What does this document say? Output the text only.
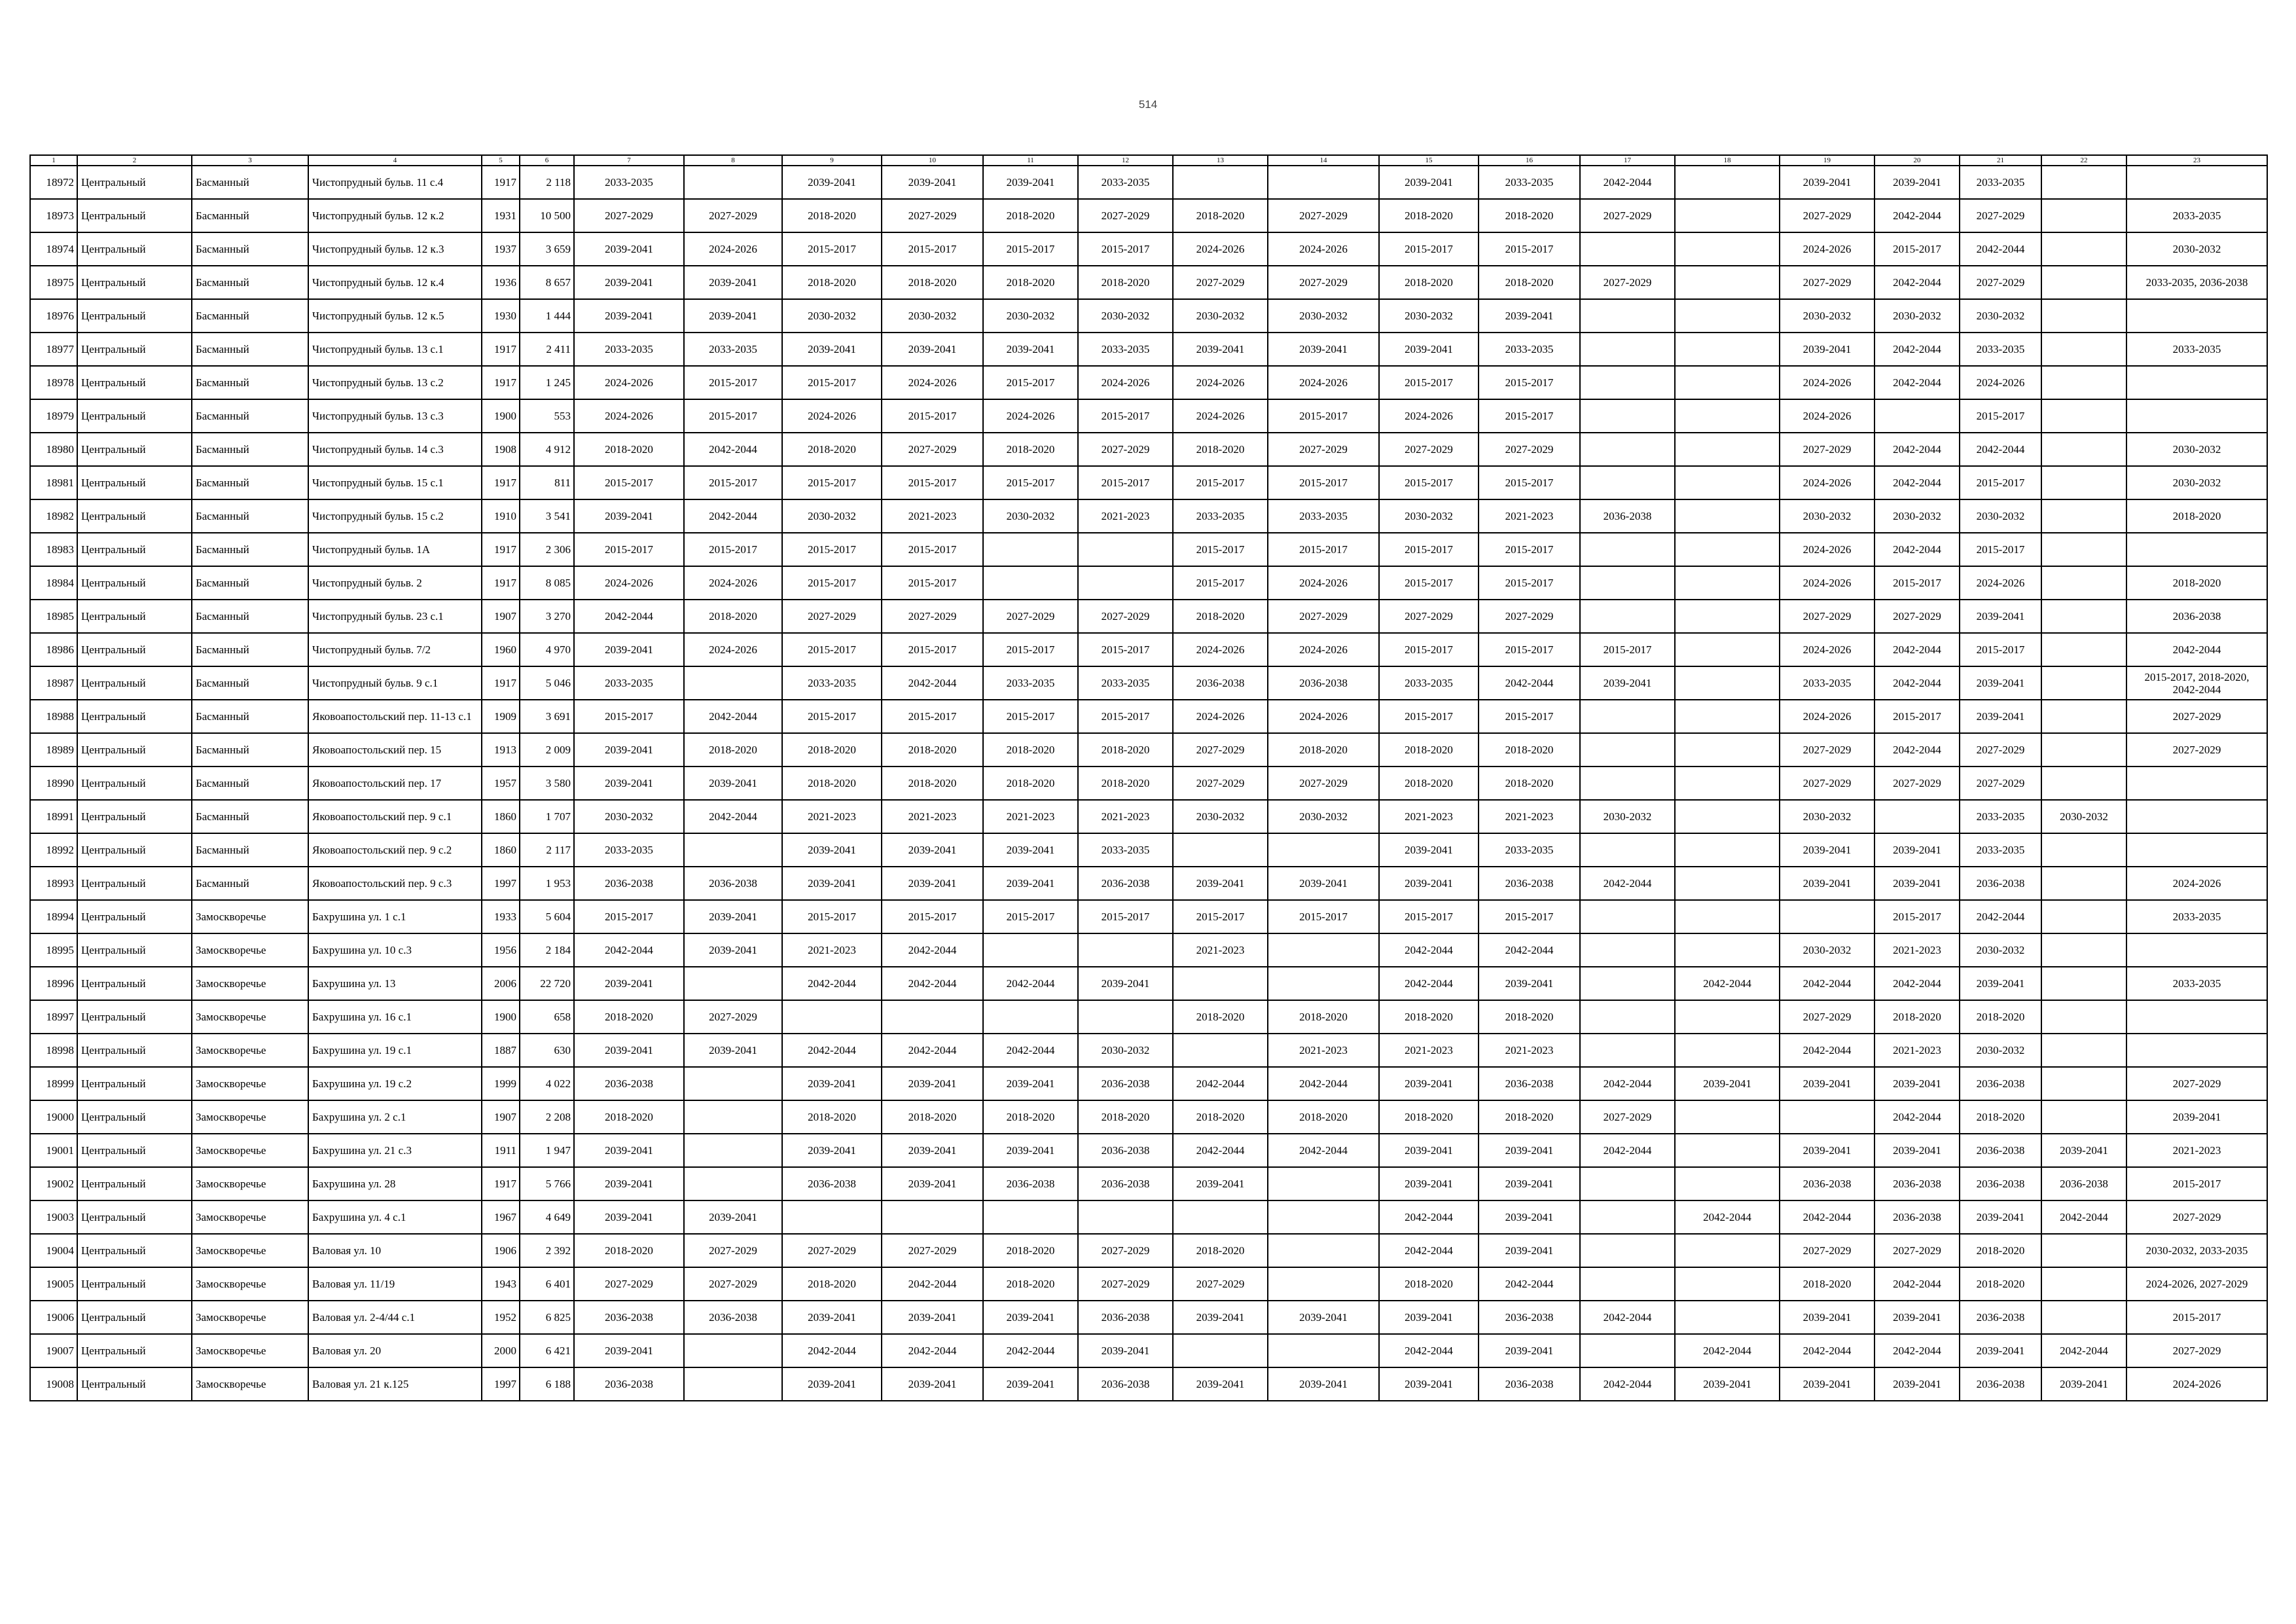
514
1	2	3	4	5	6	7	8	9	10	11	12	13	14	15	16	17	18	19	20	21	22	23
18972	Центральный	Басманный	Чистопрудный бульв. 11 с.4	1917	2 118	2033-2035		2039-2041	2039-2041	2039-2041	2033-2035			2039-2041	2033-2035	2042-2044		2039-2041	2039-2041	2033-2035		
18973	Центральный	Басманный	Чистопрудный бульв. 12 к.2	1931	10 500	2027-2029	2027-2029	2018-2020	2027-2029	2018-2020	2027-2029	2018-2020	2027-2029	2018-2020	2018-2020	2027-2029		2027-2029	2042-2044	2027-2029		2033-2035
18974	Центральный	Басманный	Чистопрудный бульв. 12 к.3	1937	3 659	2039-2041	2024-2026	2015-2017	2015-2017	2015-2017	2015-2017	2024-2026	2024-2026	2015-2017	2015-2017			2024-2026	2015-2017	2042-2044		2030-2032
18975	Центральный	Басманный	Чистопрудный бульв. 12 к.4	1936	8 657	2039-2041	2039-2041	2018-2020	2018-2020	2018-2020	2018-2020	2027-2029	2027-2029	2018-2020	2018-2020	2027-2029		2027-2029	2042-2044	2027-2029		2033-2035, 2036-2038
18976	Центральный	Басманный	Чистопрудный бульв. 12 к.5	1930	1 444	2039-2041	2039-2041	2030-2032	2030-2032	2030-2032	2030-2032	2030-2032	2030-2032	2030-2032	2039-2041			2030-2032	2030-2032	2030-2032		
18977	Центральный	Басманный	Чистопрудный бульв. 13 с.1	1917	2 411	2033-2035	2033-2035	2039-2041	2039-2041	2039-2041	2033-2035	2039-2041	2039-2041	2039-2041	2033-2035			2039-2041	2042-2044	2033-2035		2033-2035
18978	Центральный	Басманный	Чистопрудный бульв. 13 с.2	1917	1 245	2024-2026	2015-2017	2015-2017	2024-2026	2015-2017	2024-2026	2024-2026	2024-2026	2015-2017	2015-2017			2024-2026	2042-2044	2024-2026		
18979	Центральный	Басманный	Чистопрудный бульв. 13 с.3	1900	553	2024-2026	2015-2017	2024-2026	2015-2017	2024-2026	2015-2017	2024-2026	2015-2017	2024-2026	2015-2017			2024-2026		2015-2017		
18980	Центральный	Басманный	Чистопрудный бульв. 14 с.3	1908	4 912	2018-2020	2042-2044	2018-2020	2027-2029	2018-2020	2027-2029	2018-2020	2027-2029	2027-2029	2027-2029			2027-2029	2042-2044	2042-2044		2030-2032
18981	Центральный	Басманный	Чистопрудный бульв. 15 с.1	1917	811	2015-2017	2015-2017	2015-2017	2015-2017	2015-2017	2015-2017	2015-2017	2015-2017	2015-2017	2015-2017			2024-2026	2042-2044	2015-2017		2030-2032
18982	Центральный	Басманный	Чистопрудный бульв. 15 с.2	1910	3 541	2039-2041	2042-2044	2030-2032	2021-2023	2030-2032	2021-2023	2033-2035	2033-2035	2030-2032	2021-2023	2036-2038		2030-2032	2030-2032	2030-2032		2018-2020
18983	Центральный	Басманный	Чистопрудный бульв. 1А	1917	2 306	2015-2017	2015-2017	2015-2017	2015-2017			2015-2017	2015-2017	2015-2017	2015-2017			2024-2026	2042-2044	2015-2017		
18984	Центральный	Басманный	Чистопрудный бульв. 2	1917	8 085	2024-2026	2024-2026	2015-2017	2015-2017			2015-2017	2024-2026	2015-2017	2015-2017			2024-2026	2015-2017	2024-2026		2018-2020
18985	Центральный	Басманный	Чистопрудный бульв. 23 с.1	1907	3 270	2042-2044	2018-2020	2027-2029	2027-2029	2027-2029	2027-2029	2018-2020	2027-2029	2027-2029	2027-2029			2027-2029	2027-2029	2039-2041		2036-2038
18986	Центральный	Басманный	Чистопрудный бульв. 7/2	1960	4 970	2039-2041	2024-2026	2015-2017	2015-2017	2015-2017	2015-2017	2024-2026	2024-2026	2015-2017	2015-2017	2015-2017		2024-2026	2042-2044	2015-2017		2042-2044
18987	Центральный	Басманный	Чистопрудный бульв. 9 с.1	1917	5 046	2033-2035		2033-2035	2042-2044	2033-2035	2033-2035	2036-2038	2036-2038	2033-2035	2042-2044	2039-2041		2033-2035	2042-2044	2039-2041		2015-2017, 2018-2020, 2042-2044
18988	Центральный	Басманный	Яковоапостольский пер. 11-13 с.1	1909	3 691	2015-2017	2042-2044	2015-2017	2015-2017	2015-2017	2015-2017	2024-2026	2024-2026	2015-2017	2015-2017			2024-2026	2015-2017	2039-2041		2027-2029
18989	Центральный	Басманный	Яковоапостольский пер. 15	1913	2 009	2039-2041	2018-2020	2018-2020	2018-2020	2018-2020	2018-2020	2027-2029	2018-2020	2018-2020	2018-2020			2027-2029	2042-2044	2027-2029		2027-2029
18990	Центральный	Басманный	Яковоапостольский пер. 17	1957	3 580	2039-2041	2039-2041	2018-2020	2018-2020	2018-2020	2018-2020	2027-2029	2027-2029	2018-2020	2018-2020			2027-2029	2027-2029	2027-2029		
18991	Центральный	Басманный	Яковоапостольский пер. 9 с.1	1860	1 707	2030-2032	2042-2044	2021-2023	2021-2023	2021-2023	2021-2023	2030-2032	2030-2032	2021-2023	2021-2023	2030-2032		2030-2032		2033-2035	2030-2032	
18992	Центральный	Басманный	Яковоапостольский пер. 9 с.2	1860	2 117	2033-2035		2039-2041	2039-2041	2039-2041	2033-2035			2039-2041	2033-2035			2039-2041	2039-2041	2033-2035		
18993	Центральный	Басманный	Яковоапостольский пер. 9 с.3	1997	1 953	2036-2038	2036-2038	2039-2041	2039-2041	2039-2041	2036-2038	2039-2041	2039-2041	2039-2041	2036-2038	2042-2044		2039-2041	2039-2041	2036-2038		2024-2026
18994	Центральный	Замоскворечье	Бахрушина ул. 1 с.1	1933	5 604	2015-2017	2039-2041	2015-2017	2015-2017	2015-2017	2015-2017	2015-2017	2015-2017	2015-2017	2015-2017				2015-2017	2042-2044		2033-2035
18995	Центральный	Замоскворечье	Бахрушина ул. 10 с.3	1956	2 184	2042-2044	2039-2041	2021-2023	2042-2044			2021-2023		2042-2044	2042-2044			2030-2032	2021-2023	2030-2032		
18996	Центральный	Замоскворечье	Бахрушина ул. 13	2006	22 720	2039-2041		2042-2044	2042-2044	2042-2044	2039-2041			2042-2044	2039-2041		2042-2044	2042-2044	2042-2044	2039-2041		2033-2035
18997	Центральный	Замоскворечье	Бахрушина ул. 16 с.1	1900	658	2018-2020	2027-2029					2018-2020	2018-2020	2018-2020	2018-2020			2027-2029	2018-2020	2018-2020		
18998	Центральный	Замоскворечье	Бахрушина ул. 19 с.1	1887	630	2039-2041	2039-2041	2042-2044	2042-2044	2042-2044	2030-2032		2021-2023	2021-2023	2021-2023			2042-2044	2021-2023	2030-2032		
18999	Центральный	Замоскворечье	Бахрушина ул. 19 с.2	1999	4 022	2036-2038		2039-2041	2039-2041	2039-2041	2036-2038	2042-2044	2042-2044	2039-2041	2036-2038	2042-2044	2039-2041	2039-2041	2039-2041	2036-2038		2027-2029
19000	Центральный	Замоскворечье	Бахрушина ул. 2 с.1	1907	2 208	2018-2020		2018-2020	2018-2020	2018-2020	2018-2020	2018-2020	2018-2020	2018-2020	2018-2020	2027-2029			2042-2044	2018-2020		2039-2041
19001	Центральный	Замоскворечье	Бахрушина ул. 21 с.3	1911	1 947	2039-2041		2039-2041	2039-2041	2039-2041	2036-2038	2042-2044	2042-2044	2039-2041	2039-2041	2042-2044		2039-2041	2039-2041	2036-2038	2039-2041	2021-2023
19002	Центральный	Замоскворечье	Бахрушина ул. 28	1917	5 766	2039-2041		2036-2038	2039-2041	2036-2038	2036-2038	2039-2041		2039-2041	2039-2041			2036-2038	2036-2038	2036-2038	2036-2038	2015-2017
19003	Центральный	Замоскворечье	Бахрушина ул. 4 с.1	1967	4 649	2039-2041	2039-2041							2042-2044	2039-2041		2042-2044	2042-2044	2036-2038	2039-2041	2042-2044	2027-2029
19004	Центральный	Замоскворечье	Валовая ул. 10	1906	2 392	2018-2020	2027-2029	2027-2029	2027-2029	2018-2020	2027-2029	2018-2020		2042-2044	2039-2041			2027-2029	2027-2029	2018-2020		2030-2032, 2033-2035
19005	Центральный	Замоскворечье	Валовая ул. 11/19	1943	6 401	2027-2029	2027-2029	2018-2020	2042-2044	2018-2020	2027-2029	2027-2029		2018-2020	2042-2044			2018-2020	2042-2044	2018-2020		2024-2026, 2027-2029
19006	Центральный	Замоскворечье	Валовая ул. 2-4/44 с.1	1952	6 825	2036-2038	2036-2038	2039-2041	2039-2041	2039-2041	2036-2038	2039-2041	2039-2041	2039-2041	2036-2038	2042-2044		2039-2041	2039-2041	2036-2038		2015-2017
19007	Центральный	Замоскворечье	Валовая ул. 20	2000	6 421	2039-2041		2042-2044	2042-2044	2042-2044	2039-2041			2042-2044	2039-2041		2042-2044	2042-2044	2042-2044	2039-2041	2042-2044	2027-2029
19008	Центральный	Замоскворечье	Валовая ул. 21 к.125	1997	6 188	2036-2038		2039-2041	2039-2041	2039-2041	2036-2038	2039-2041	2039-2041	2039-2041	2036-2038	2042-2044	2039-2041	2039-2041	2039-2041	2036-2038	2039-2041	2024-2026
